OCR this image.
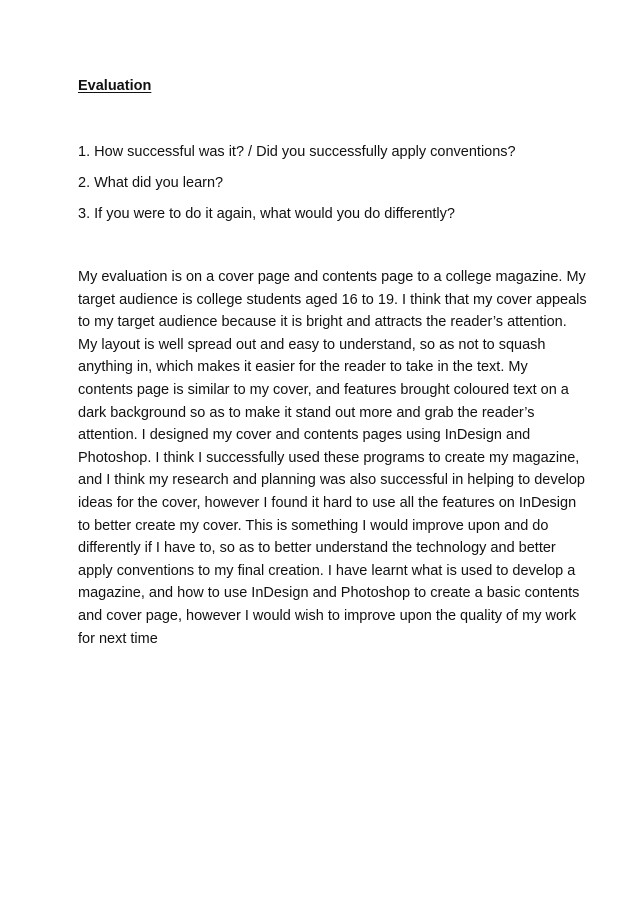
Evaluation
1. How successful was it? / Did you successfully apply conventions?
2. What did you learn?
3. If you were to do it again, what would you do differently?
My evaluation is on a cover page and contents page to a college magazine. My
target audience is college students aged 16 to 19. I think that my cover appeals
to my target audience because it is bright and attracts the reader’s attention.
My layout is well spread out and easy to understand, so as not to squash
anything in, which makes it easier for the reader to take in the text. My
contents page is similar to my cover, and features brought coloured text on a
dark background so as to make it stand out more and grab the reader’s
attention. I designed my cover and contents pages using InDesign and
Photoshop. I think I successfully used these programs to create my magazine,
and I think my research and planning was also successful in helping to develop
ideas for the cover, however I found it hard to use all the features on InDesign
to better create my cover. This is something I would improve upon and do
differently if I have to, so as to better understand the technology and better
apply conventions to my final creation. I have learnt what is used to develop a
magazine, and how to use InDesign and Photoshop to create a basic contents
and cover page, however I would wish to improve upon the quality of my work
for next time
